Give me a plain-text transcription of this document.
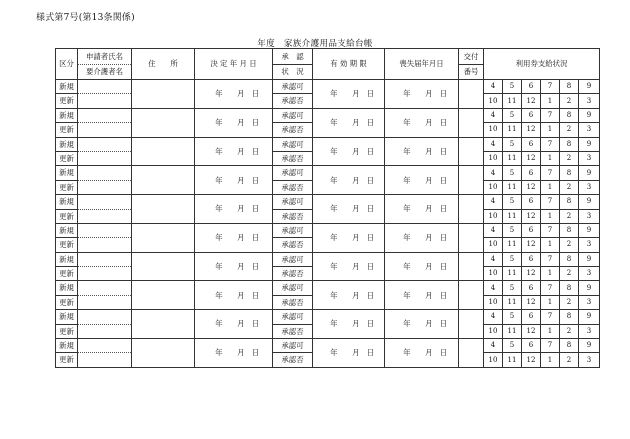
様式第7号(第13条関係)
年度　家族介護用品支給台帳
区分	申請者氏名	住　　所	決 定 年 月 日	承　認	有 効 期 限	喪失届年月日	交付	利用券支給状況					
	要介護者名			状　況			番号						
新規			年 月 日	承認可	年 月 日	年 月 日		4	5	6	7	8	9
更新				承認否				10	11	12	1	2	3
新規			年 月 日	承認可	年 月 日	年 月 日		4	5	6	7	8	9
更新				承認否				10	11	12	1	2	3
新規			年 月 日	承認可	年 月 日	年 月 日		4	5	6	7	8	9
更新				承認否				10	11	12	1	2	3
新規			年 月 日	承認可	年 月 日	年 月 日		4	5	6	7	8	9
更新				承認否				10	11	12	1	2	3
新規			年 月 日	承認可	年 月 日	年 月 日		4	5	6	7	8	9
更新				承認否				10	11	12	1	2	3
新規			年 月 日	承認可	年 月 日	年 月 日		4	5	6	7	8	9
更新				承認否				10	11	12	1	2	3
新規			年 月 日	承認可	年 月 日	年 月 日		4	5	6	7	8	9
更新				承認否				10	11	12	1	2	3
新規			年 月 日	承認可	年 月 日	年 月 日		4	5	6	7	8	9
更新				承認否				10	11	12	1	2	3
新規			年 月 日	承認可	年 月 日	年 月 日		4	5	6	7	8	9
更新				承認否				10	11	12	1	2	3
新規			年 月 日	承認可	年 月 日	年 月 日		4	5	6	7	8	9
更新				承認否				10	11	12	1	2	3
